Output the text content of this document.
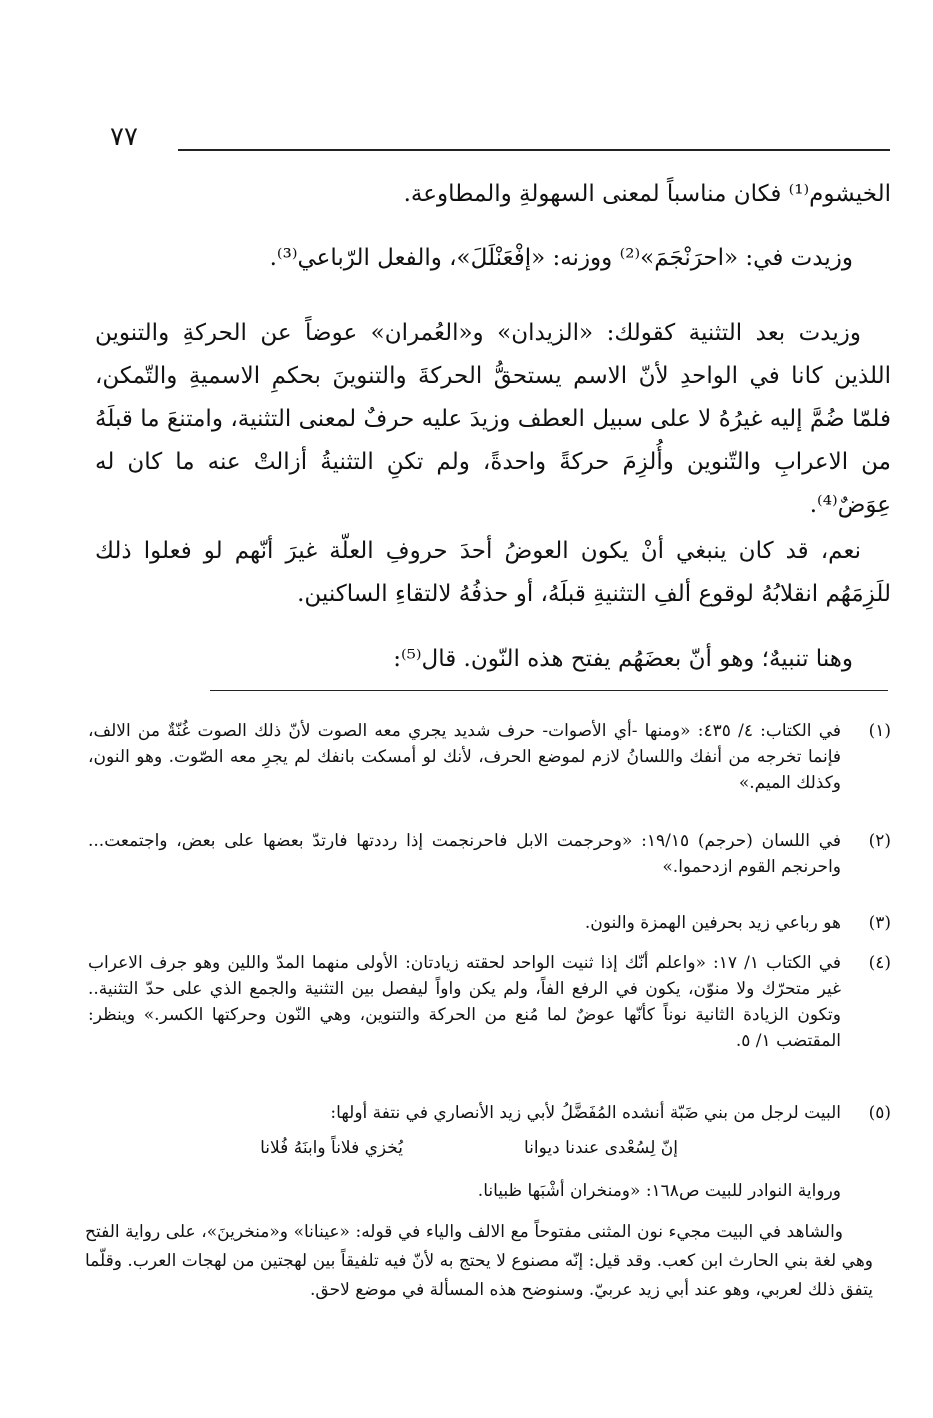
٧٧

الخيشوم⁽¹⁾ فكان مناسباً لمعنى السهولةِ والمطاوعة.

وزيدت في: «احرَنْجَمَ»⁽²⁾ ووزنه: «إفْعَنْلَلَ»، والفعل الرّباعي⁽³⁾.

وزيدت بعد التثنية كقولك: «الزيدان» و«العُمران» عوضاً عن الحركةِ والتنوين اللذين كانا في الواحدِ لأنّ الاسم يستحقُّ الحركةَ والتنوينَ بحكمِ الاسميةِ والتّمكن، فلمّا ضُمَّ إليه غيرُهُ لا على سبيل العطف وزيدَ عليه حرفٌ لمعنى التثنية، وامتنعَ ما قبلَهُ من الاعرابِ والتّنوين وأُلزِمَ حركةً واحدةً، ولم تكنِ التثنيةُ أزالتْ عنه ما كان له عِوَضٌ⁽⁴⁾.

نعم، قد كان ينبغي أنْ يكون العوضُ أحدَ حروفِ العلّة غيرَ أنّهم لو فعلوا ذلك للَزِمَهُم انقلابُهُ لوقوع ألفِ التثنيةِ قبلَهُ، أو حذفُهُ لالتقاءِ الساكنين.

وهنا تنبيهٌ؛ وهو أنّ بعضَهُم يفتح هذه النّون. قال⁽⁵⁾:

(١)
في الكتاب: ٤/ ٤٣٥: «ومنها -أي الأصوات- حرف شديد يجري معه الصوت لأنّ ذلك الصوت غُنّةٌ من الالف، فإنما تخرجه من أنفك واللسانُ لازم لموضع الحرف، لأنك لو أمسكت بانفك لم يجرِ معه الصّوت. وهو النون، وكذلك الميم.»
(٢)
في اللسان (حرجم) ١٩/١٥: «وحرجمت الابل فاحرنجمت إذا رددتها فارتدّ بعضها على بعض، واجتمعت... واحرنجم القوم ازدحموا.»
(٣)
هو رباعي زيد بحرفين الهمزة والنون.
(٤)
في الكتاب ١/ ١٧: «واعلم أنّك إذا ثنيت الواحد لحقته زيادتان: الأولى منهما المدّ واللين وهو جرف الاعراب غير متحرّك ولا منوّن، يكون في الرفع الفاً، ولم يكن واواً ليفصل بين التثنية والجمع الذي على حدّ التثنية.. وتكون الزيادة الثانية نوناً كأنّها عوضٌ لما مُنع من الحركة والتنوين، وهي النّون وحركتها الكسر.» وينظر: المقتضب ١/ ٥.
(٥)
البيت لرجل من بني ضَبّة أنشده المُفَضَّلُ لأبي زيد الأنصاري في نتفة أولها:
إنّ لِسُعْدى عندنا ديوانا
يُخزي فلاناً وابنَهُ فُلانا
ورواية النوادر للبيت ص١٦٨: «ومنخران أشْبَها ظبيانا.
والشاهد في البيت مجيء نون المثنى مفتوحاً مع الالف والياء في قوله: «عينانا» و«منخرينَ»، على رواية الفتح وهي لغة بني الحارث ابن كعب. وقد قيل: إنّه مصنوع لا يحتج به لأنّ فيه تلفيقاً بين لهجتين من لهجات العرب. وقلّما يتفق ذلك لعربي، وهو عند أبي زيد عربيّ. وسنوضح هذه المسألة في موضع لاحق.
